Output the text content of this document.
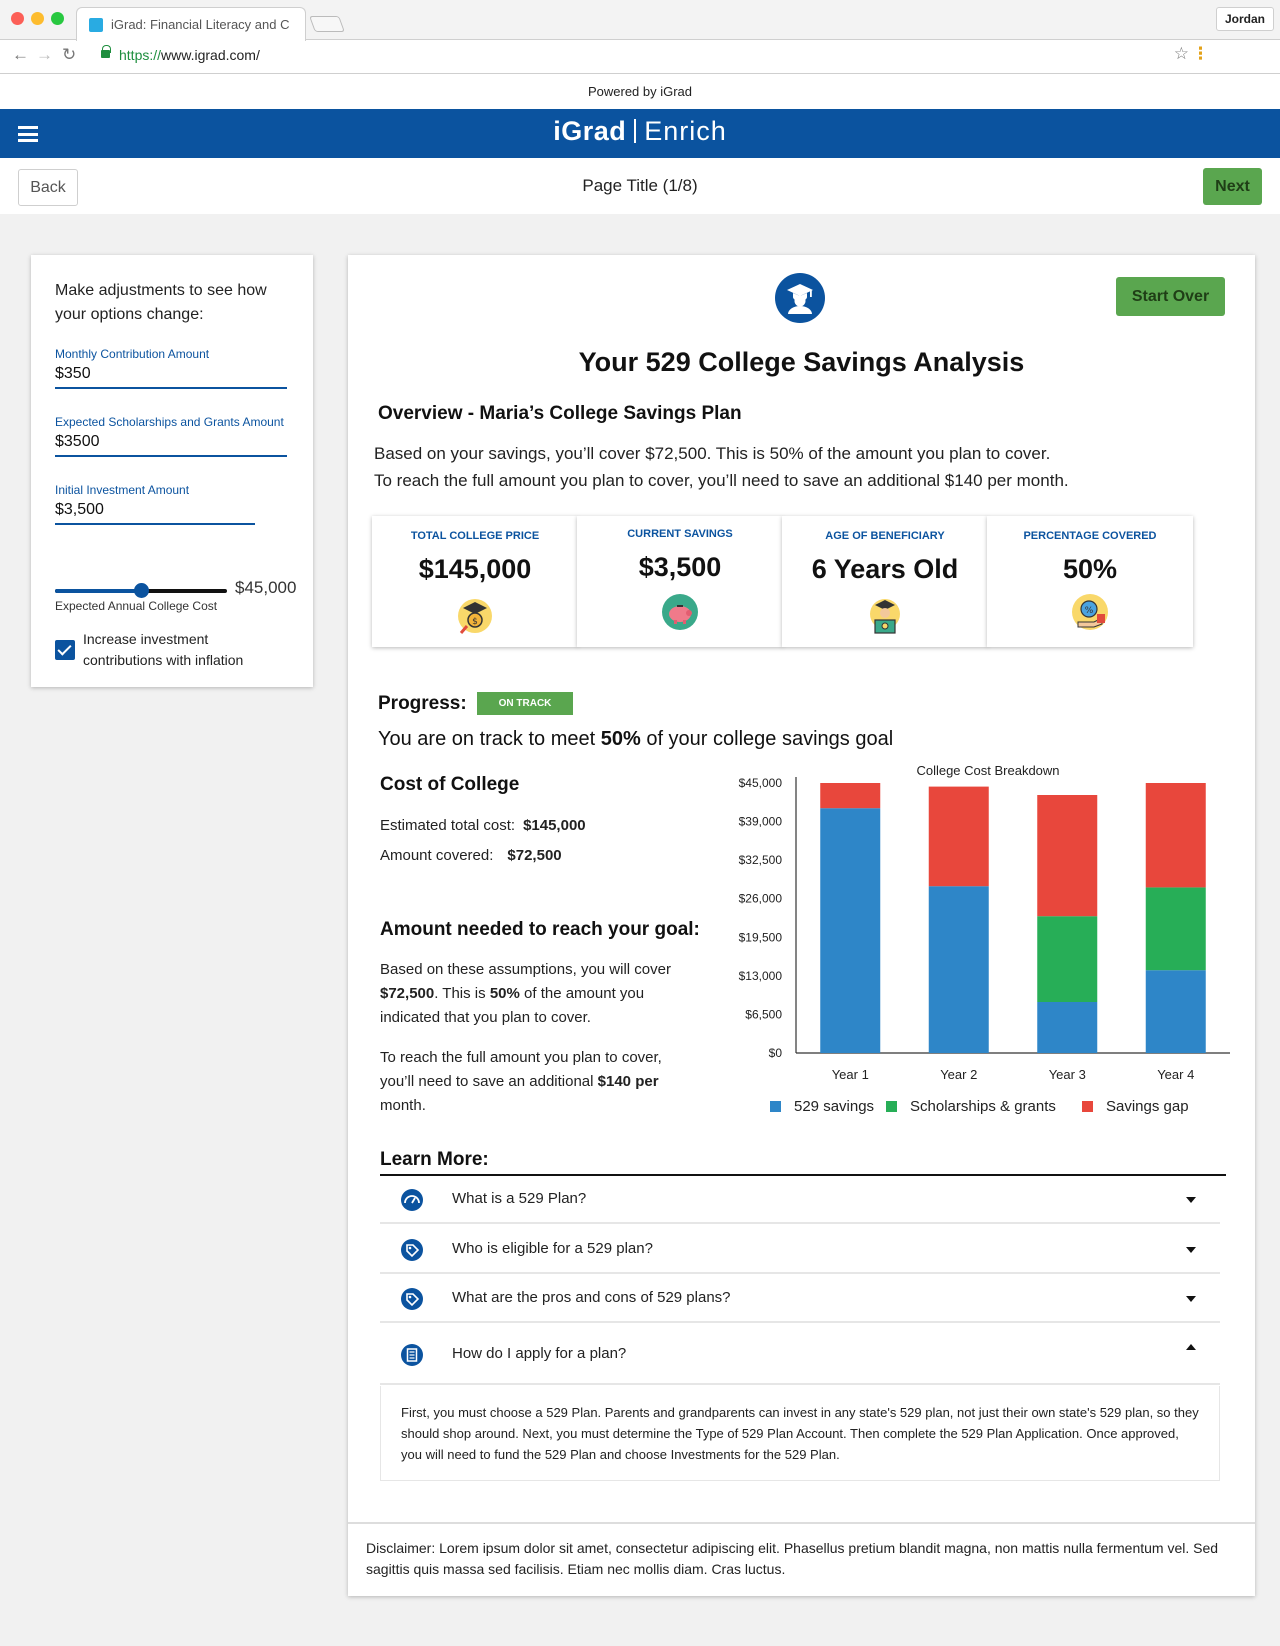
iGrad: Financial Literacy and C	Jordan
← → ↻	https://www.igrad.com/	☆ ⋮
Powered by iGrad
iGrad Enrich
Back	Page Title (1/8)	Next
Make adjustments to see how your options change:
Monthly Contribution Amount
$350
Expected Scholarships and Grants Amount
$3500
Initial Investment Amount
$3,500
$45,000
Expected Annual College Cost
Increase investment contributions with inflation
Start Over
Your 529 College Savings Analysis
Overview - Maria’s College Savings Plan
Based on your savings, you’ll cover $72,500. This is 50% of the amount you plan to cover.
To reach the full amount you plan to cover, you’ll need to save an additional $140 per month.
TOTAL COLLEGE PRICE
$145,000
$
CURRENT SAVINGS
$3,500
AGE OF BENEFICIARY
6 Years Old
PERCENTAGE COVERED
50%
%
Progress:	ON TRACK
You are on track to meet 50% of your college savings goal
Cost of College
Estimated total cost: $145,000
Amount covered: $72,500
Amount needed to reach your goal:
Based on these assumptions, you will cover $72,500. This is 50% of the amount you indicated that you plan to cover.
To reach the full amount you plan to cover, you’ll need to save an additional $140 per month.
College Cost Breakdown
$0
$6,500
$13,000
$19,500
$26,000
$32,500
$39,000
$45,000
Year 1	Year 2	Year 3	Year 4
529 savings Scholarships & grants	Savings gap
Learn More:
What is a 529 Plan?
Who is eligible for a 529 plan?
What are the pros and cons of 529 plans?
How do I apply for a plan?
First, you must choose a 529 Plan. Parents and grandparents can invest in any state's 529 plan, not just their own state's 529 plan, so they should shop around. Next, you must determine the Type of 529 Plan Account. Then complete the 529 Plan Application. Once approved, you will need to fund the 529 Plan and choose Investments for the 529 Plan.
Disclaimer: Lorem ipsum dolor sit amet, consectetur adipiscing elit. Phasellus pretium blandit magna, non mattis nulla fermentum vel. Sed sagittis quis massa sed facilisis. Etiam nec mollis diam. Cras luctus.
